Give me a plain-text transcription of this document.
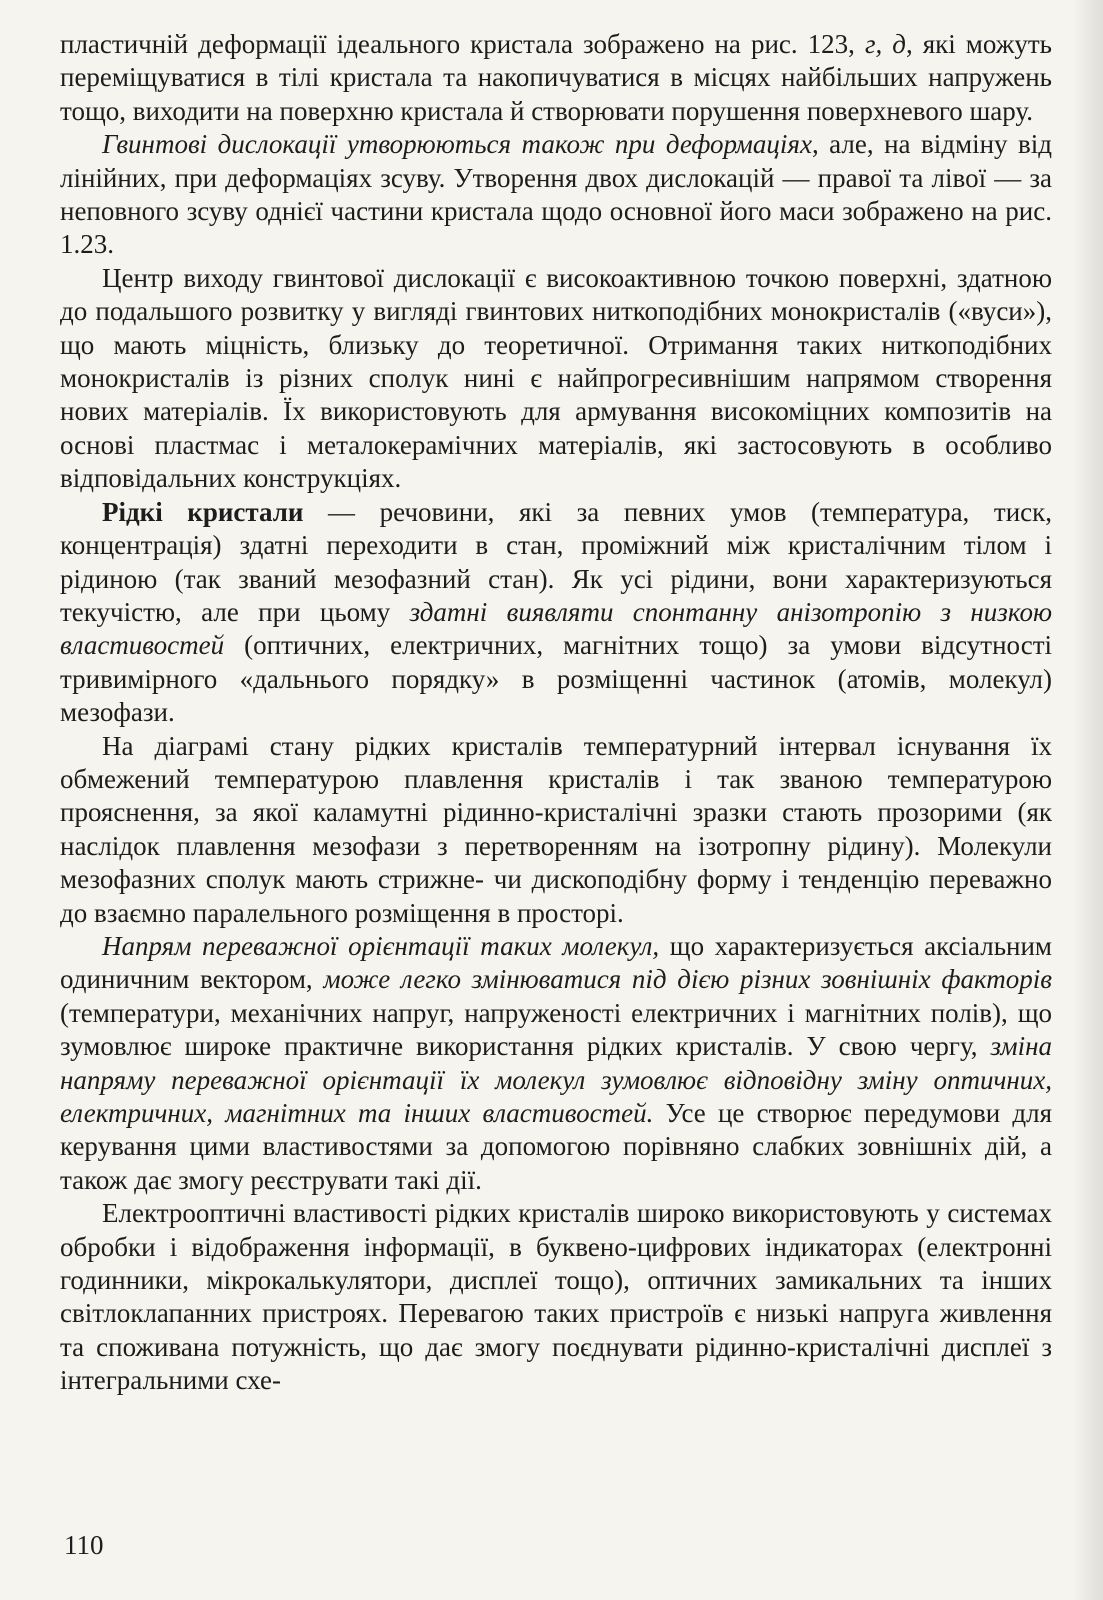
пластичній деформації ідеального кристала зображено на рис. 123, г, д, які можуть переміщуватися в тілі кристала та накопичуватися в місцях найбільших напружень тощо, виходити на поверхню кристала й створювати порушення поверхневого шару.

Гвинтові дислокації утворюються також при деформаціях, але, на відміну від лінійних, при деформаціях зсуву. Утворення двох дислокацій — правої та лівої — за неповного зсуву однієї частини кристала щодо основної його маси зображено на рис. 1.23.

Центр виходу гвинтової дислокації є високоактивною точкою поверхні, здатною до подальшого розвитку у вигляді гвинтових ниткоподібних монокристалів («вуси»), що мають міцність, близьку до теоретичної. Отримання таких ниткоподібних монокристалів із різних сполук нині є найпрогресивнішим напрямом створення нових матеріалів. Їх використовують для армування високоміцних композитів на основі пластмас і металокерамічних матеріалів, які застосовують в особливо відповідальних конструкціях.

Рідкі кристали — речовини, які за певних умов (температура, тиск, концентрація) здатні переходити в стан, проміжний між кристалічним тілом і рідиною (так званий мезофазний стан). Як усі рідини, вони характеризуються текучістю, але при цьому здатні виявляти спонтанну анізотропію з низкою властивостей (оптичних, електричних, магнітних тощо) за умови відсутності тривимірного «дальнього порядку» в розміщенні частинок (атомів, молекул) мезофази.

На діаграмі стану рідких кристалів температурний інтервал існування їх обмежений температурою плавлення кристалів і так званою температурою прояснення, за якої каламутні рідинно-кристалічні зразки стають прозорими (як наслідок плавлення мезофази з перетворенням на ізотропну рідину). Молекули мезофазних сполук мають стрижне- чи дископодібну форму і тенденцію переважно до взаємно паралельного розміщення в просторі.

Напрям переважної орієнтації таких молекул, що характеризується аксіальним одиничним вектором, може легко змінюватися під дією різних зовнішніх факторів (температури, механічних напруг, напруженості електричних і магнітних полів), що зумовлює широке практичне використання рідких кристалів. У свою чергу, зміна напряму переважної орієнтації їх молекул зумовлює відповідну зміну оптичних, електричних, магнітних та інших властивостей. Усе це створює передумови для керування цими властивостями за допомогою порівняно слабких зовнішніх дій, а також дає змогу реєструвати такі дії.

Електрооптичні властивості рідких кристалів широко використовують у системах обробки і відображення інформації, в буквено-цифрових індикаторах (електронні годинники, мікрокалькулятори, дисплеї тощо), оптичних замикальних та інших світлоклапанних пристроях. Перевагою таких пристроїв є низькі напруга живлення та споживана потужність, що дає змогу поєднувати рідинно-кристалічні дисплеї з інтегральними схе-

110
